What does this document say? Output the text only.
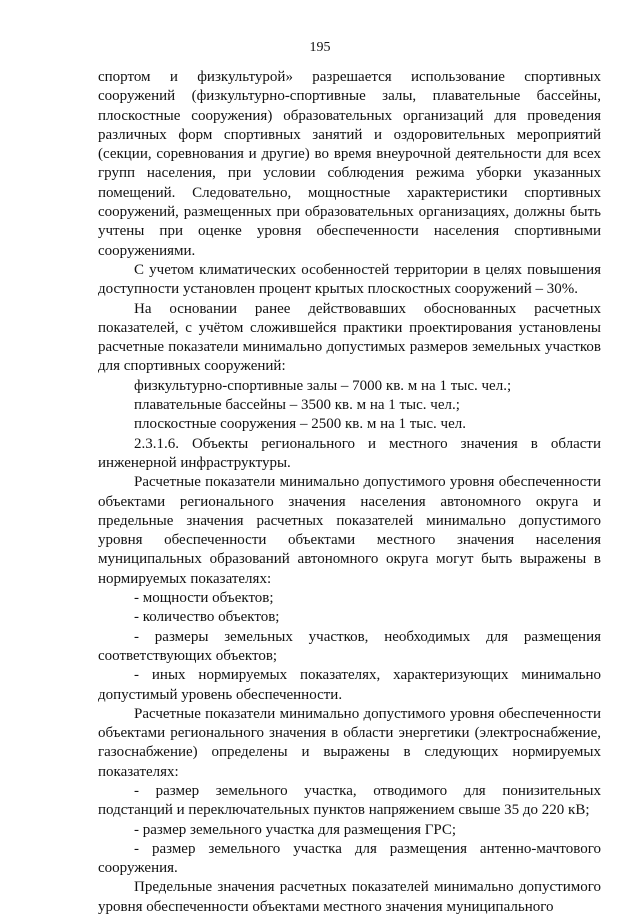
195

спортом и физкультурой» разрешается использование спортивных сооружений (физкультурно-спортивные залы, плавательные бассейны, плоскостные сооружения) образовательных организаций для проведения различных форм спортивных занятий и оздоровительных мероприятий (секции, соревнования и другие) во время внеурочной деятельности для всех групп населения, при условии соблюдения режима уборки указанных помещений. Следовательно, мощностные характеристики спортивных сооружений, размещенных при образовательных организациях, должны быть учтены при оценке уровня обеспеченности населения спортивными сооружениями.

С учетом климатических особенностей территории в целях повышения доступности установлен процент крытых плоскостных сооружений – 30%.

На основании ранее действовавших обоснованных расчетных показателей, с учётом сложившейся практики проектирования установлены расчетные показатели минимально допустимых размеров земельных участков для спортивных сооружений:

физкультурно-спортивные залы – 7000 кв. м на 1 тыс. чел.;

плавательные бассейны – 3500 кв. м на 1 тыс. чел.;

плоскостные сооружения – 2500 кв. м на 1 тыс. чел.

2.3.1.6. Объекты регионального и местного значения в области инженерной инфраструктуры.

Расчетные показатели минимально допустимого уровня обеспеченности объектами регионального значения населения автономного округа и предельные значения расчетных показателей минимально допустимого уровня обеспеченности объектами местного значения населения муниципальных образований автономного округа могут быть выражены в нормируемых показателях:

- мощности объектов;

- количество объектов;

- размеры земельных участков, необходимых для размещения соответствующих объектов;

- иных нормируемых показателях, характеризующих минимально допустимый уровень обеспеченности.

Расчетные показатели минимально допустимого уровня обеспеченности объектами регионального значения в области энергетики (электроснабжение, газоснабжение) определены и выражены в следующих нормируемых показателях:

- размер земельного участка, отводимого для понизительных подстанций и переключательных пунктов напряжением свыше 35 до 220 кВ;

- размер земельного участка для размещения ГРС;

- размер земельного участка для размещения антенно-мачтового сооружения.

Предельные значения расчетных показателей минимально допустимого уровня обеспеченности объектами местного значения муниципального
